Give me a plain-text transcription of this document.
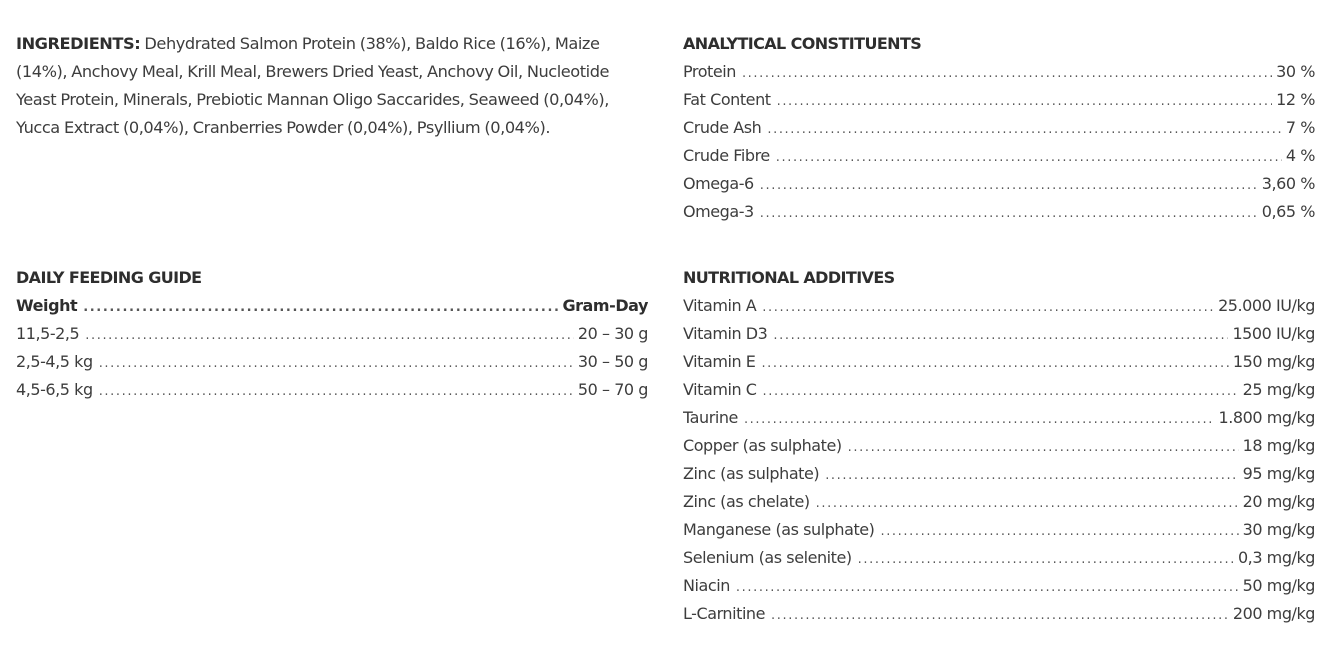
INGREDIENTS: Dehydrated Salmon Protein (38%), Baldo Rice (16%), Maize (14%), Anchovy Meal, Krill Meal, Brewers Dried Yeast, Anchovy Oil, Nucleotide Yeast Protein, Minerals, Prebiotic Mannan Oligo Saccarides, Seaweed (0,04%), Yucca Extract (0,04%), Cranberries Powder (0,04%), Psyllium (0,04%).

DAILY FEEDING GUIDE
Weight .....	Gram-Day
11,5-2,5 .....	20 – 30 g
2,5-4,5 kg .....	30 – 50 g
4,5-6,5 kg .....	50 – 70 g
ANALYTICAL CONSTITUENTS
Protein .....	30 %
Fat Content .....	12 %
Crude Ash .....	7 %
Crude Fibre .....	4 %
Omega-6 .....	3,60 %
Omega-3 .....	0,65 %
NUTRITIONAL ADDITIVES
Vitamin A .....	25.000 IU/kg
Vitamin D3 .....	1500 IU/kg
Vitamin E .....	150 mg/kg
Vitamin C .....	25 mg/kg
Taurine .....	1.800 mg/kg
Copper (as sulphate) .....	18 mg/kg
Zinc (as sulphate) .....	95 mg/kg
Zinc (as chelate) .....	20 mg/kg
Manganese (as sulphate) .....	30 mg/kg
Selenium (as selenite) .....	0,3 mg/kg
Niacin .....	50 mg/kg
L-Carnitine .....	200 mg/kg
